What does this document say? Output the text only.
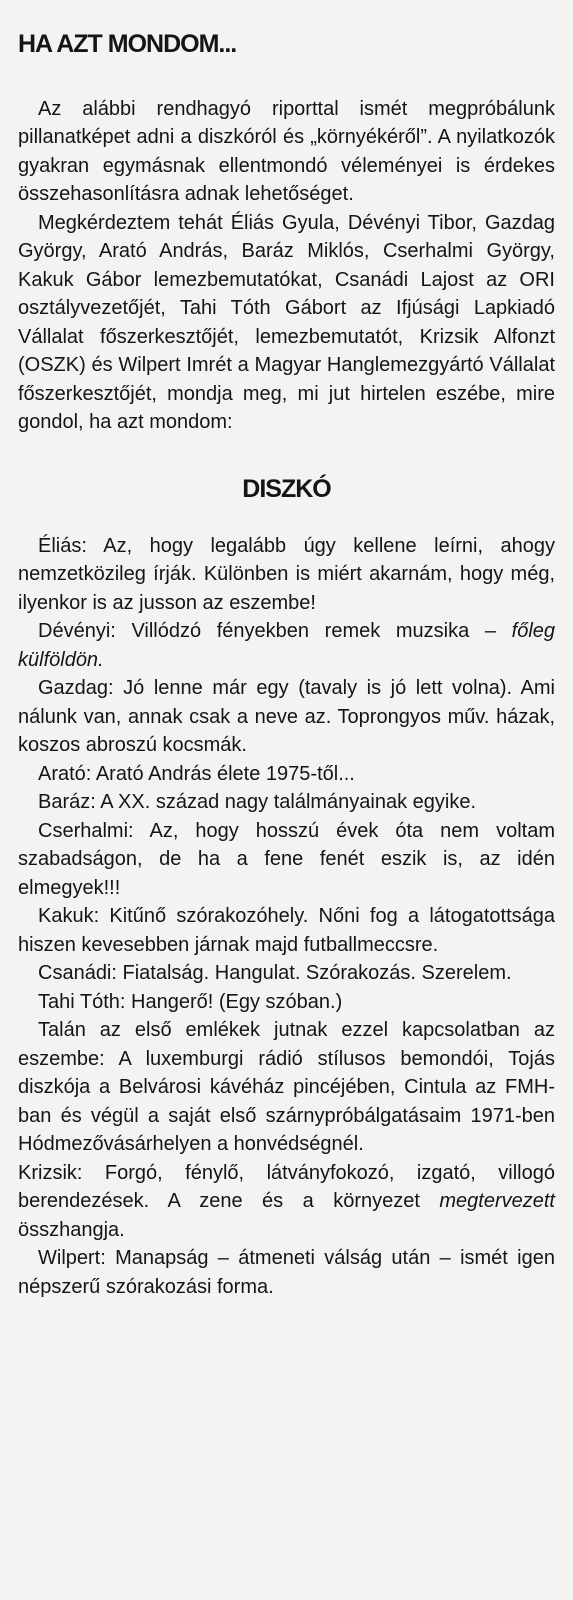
HA AZT MONDOM...

Az alábbi rendhagyó riporttal ismét megpróbálunk pillanatképet adni a diszkóról és „környékéről”. A nyilatkozók gyakran egymásnak ellentmondó véleményei is érdekes összehasonlításra adnak lehetőséget.

Megkérdeztem tehát Éliás Gyula, Dévényi Tibor, Gazdag György, Arató András, Baráz Miklós, Cserhalmi György, Kakuk Gábor lemezbemutatókat, Csanádi Lajost az ORI osztályvezetőjét, Tahi Tóth Gábort az Ifjúsági Lapkiadó Vállalat főszerkesztőjét, lemezbemutatót, Krizsik Alfonzt (OSZK) és Wilpert Imrét a Magyar Hanglemezgyártó Vállalat főszerkesztőjét, mondja meg, mi jut hirtelen eszébe, mire gondol, ha azt mondom:

DISZKÓ

Éliás: Az, hogy legalább úgy kellene leírni, ahogy nemzetközileg írják. Különben is miért akarnám, hogy még, ilyenkor is az jusson az eszembe!

Dévényi: Villódzó fényekben remek muzsika – főleg külföldön.

Gazdag: Jó lenne már egy (tavaly is jó lett volna). Ami nálunk van, annak csak a neve az. Toprongyos műv. házak, koszos abroszú kocsmák.

Arató: Arató András élete 1975-től...

Baráz: A XX. század nagy találmányainak egyike.

Cserhalmi: Az, hogy hosszú évek óta nem voltam szabadságon, de ha a fene fenét eszik is, az idén elmegyek!!!

Kakuk: Kitűnő szórakozóhely. Nőni fog a látogatottsága hiszen kevesebben járnak majd futballmeccsre.

Csanádi: Fiatalság. Hangulat. Szórakozás. Szerelem.

Tahi Tóth: Hangerő! (Egy szóban.)

Talán az első emlékek jutnak ezzel kapcsolatban az eszembe: A luxemburgi rádió stílusos bemondói, Tojás diszkója a Belvárosi kávéház pincéjében, Cintula az FMH-ban és végül a saját első szárnypróbálgatásaim 1971-ben Hódmezővásárhelyen a honvédségnél.

Krizsik: Forgó, fénylő, látványfokozó, izgató, villogó berendezések. A zene és a környezet megtervezett összhangja.

Wilpert: Manapság – átmeneti válság után – ismét igen népszerű szórakozási forma.
